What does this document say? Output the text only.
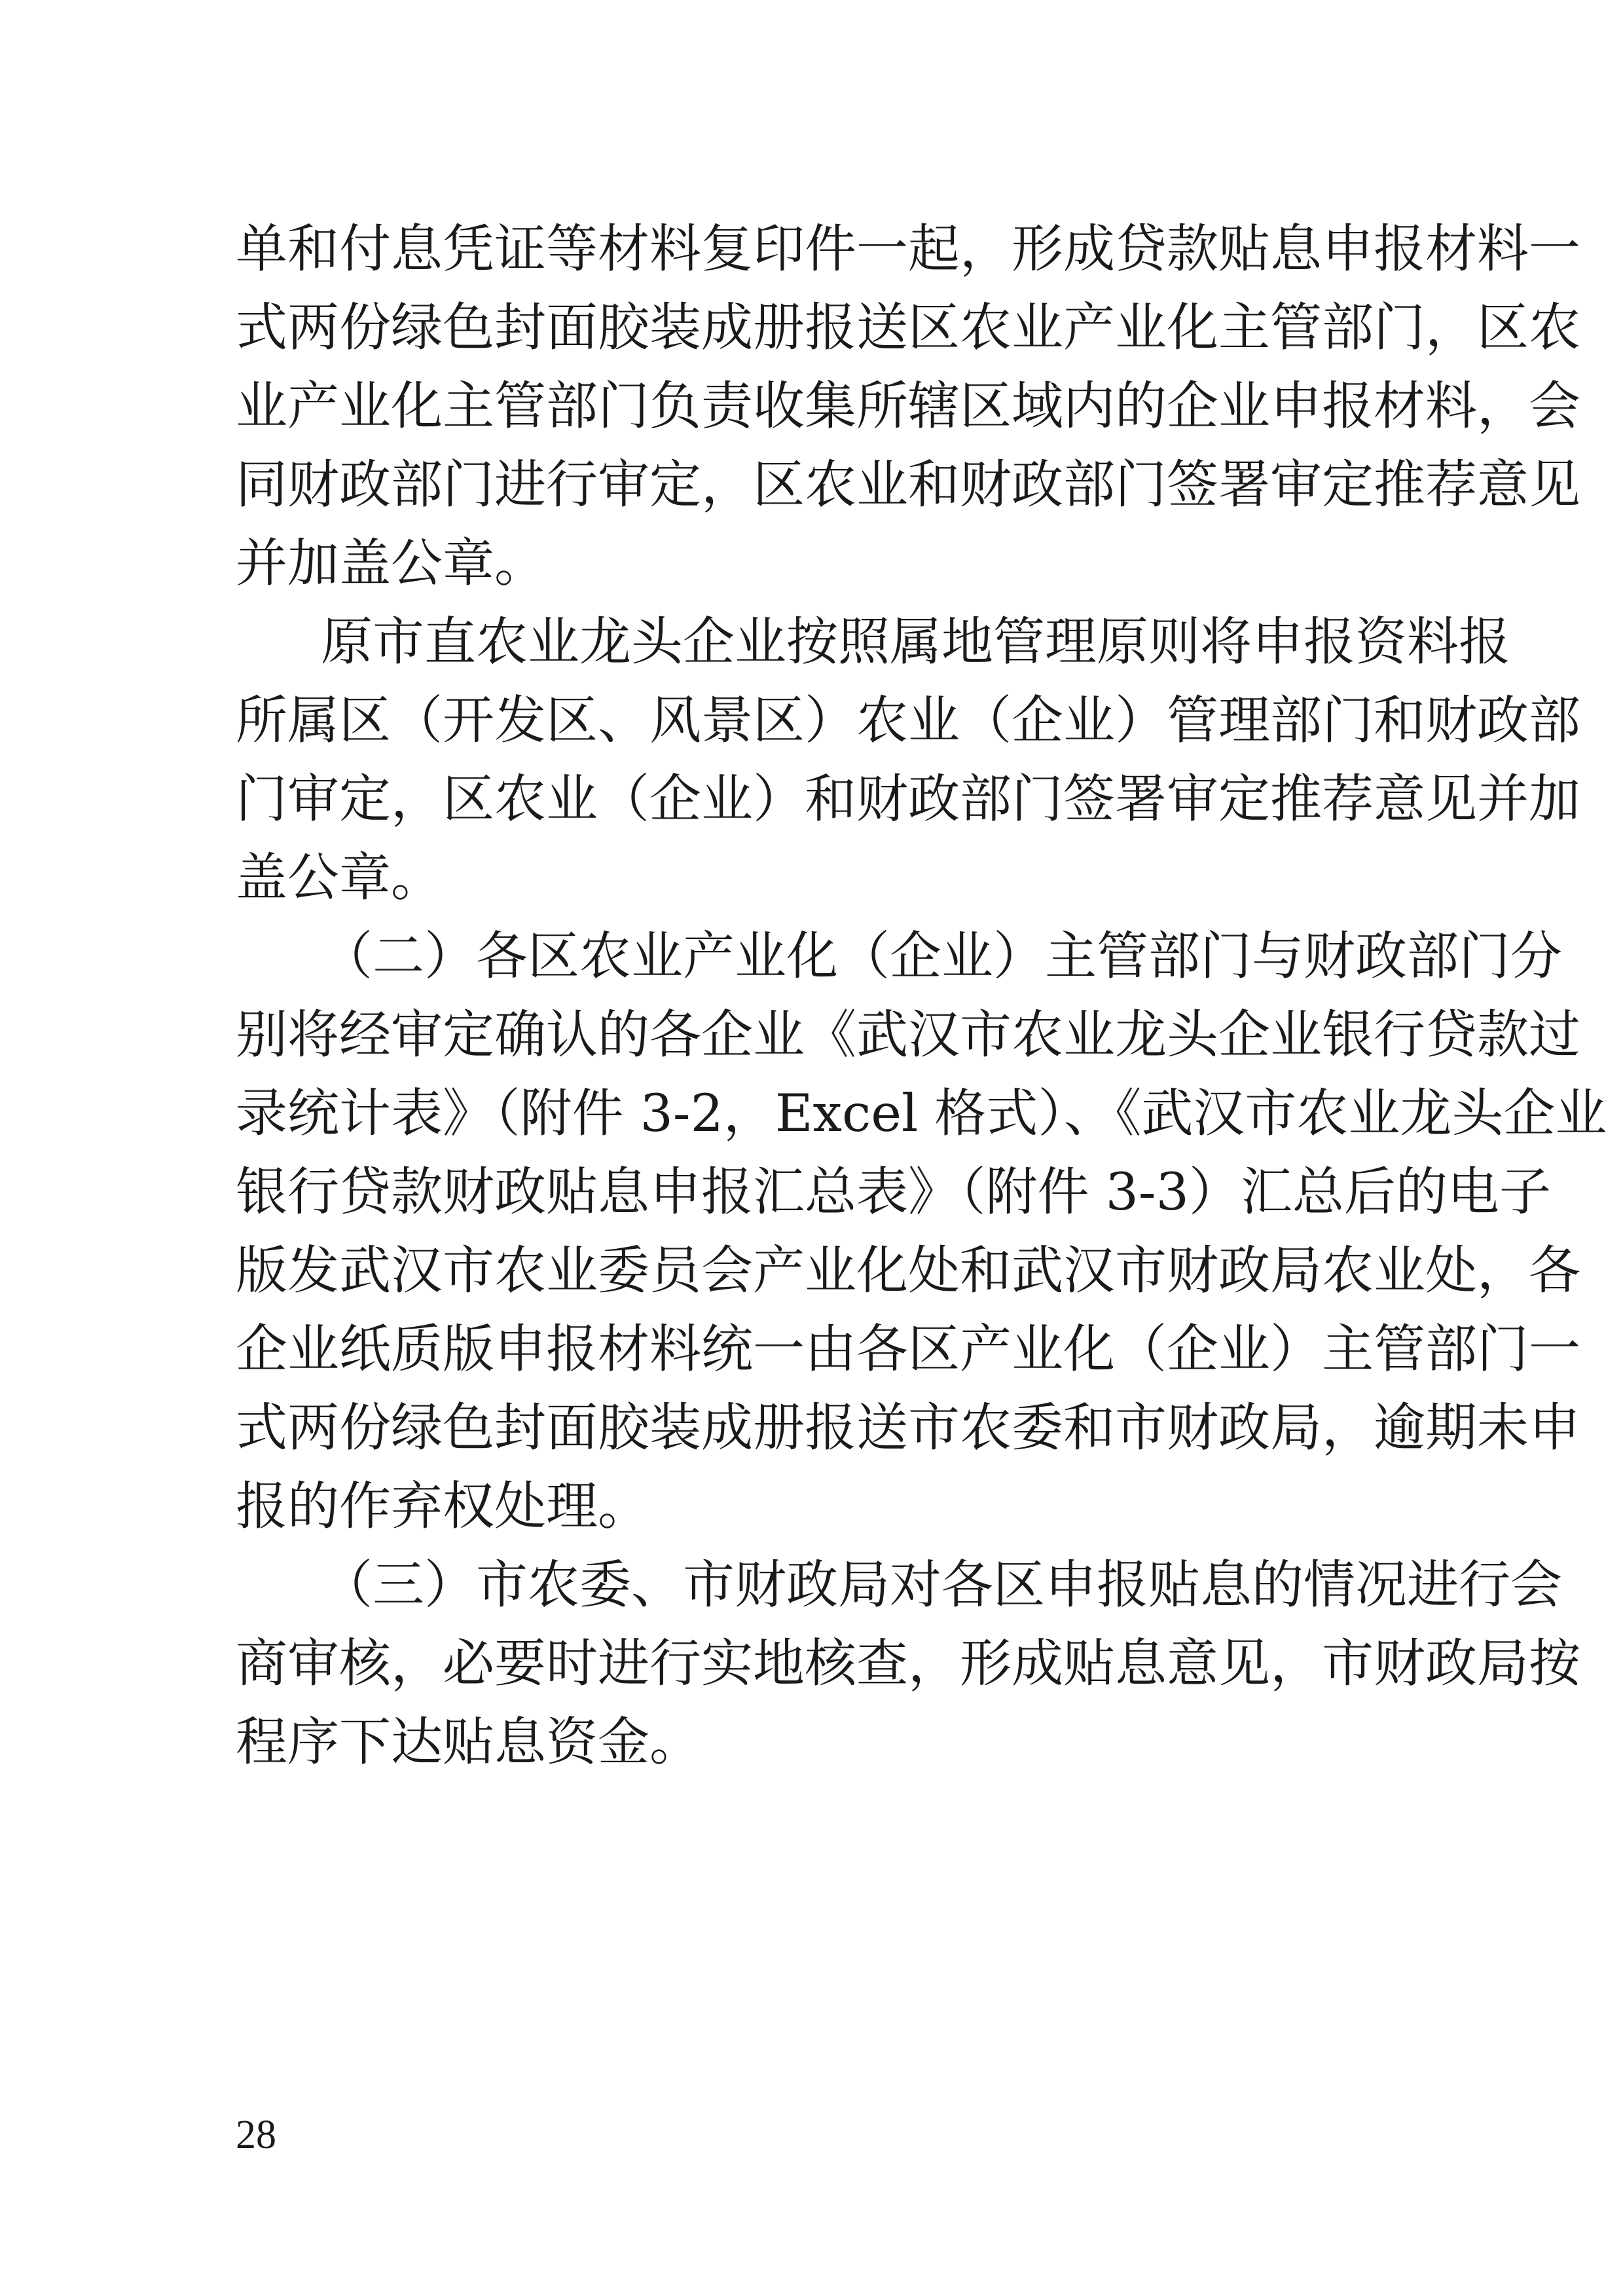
单和付息凭证等材料复印件一起，形成贷款贴息申报材料一
式两份绿色封面胶装成册报送区农业产业化主管部门，区农
业产业化主管部门负责收集所辖区域内的企业申报材料，会
同财政部门进行审定，区农业和财政部门签署审定推荐意见
并加盖公章。
原市直农业龙头企业按照属地管理原则将申报资料报
所属区（开发区、风景区）农业（企业）管理部门和财政部
门审定，区农业（企业）和财政部门签署审定推荐意见并加
盖公章。
（二）各区农业产业化（企业）主管部门与财政部门分
别将经审定确认的各企业《武汉市农业龙头企业银行贷款过
录统计表》（附件 3-2，Excel 格式）、《武汉市农业龙头企业
银行贷款财政贴息申报汇总表》（附件 3-3）汇总后的电子
版发武汉市农业委员会产业化处和武汉市财政局农业处，各
企业纸质版申报材料统一由各区产业化（企业）主管部门一
式两份绿色封面胶装成册报送市农委和市财政局，逾期未申
报的作弃权处理。
（三）市农委、市财政局对各区申报贴息的情况进行会
商审核，必要时进行实地核查，形成贴息意见，市财政局按
程序下达贴息资金。
28
